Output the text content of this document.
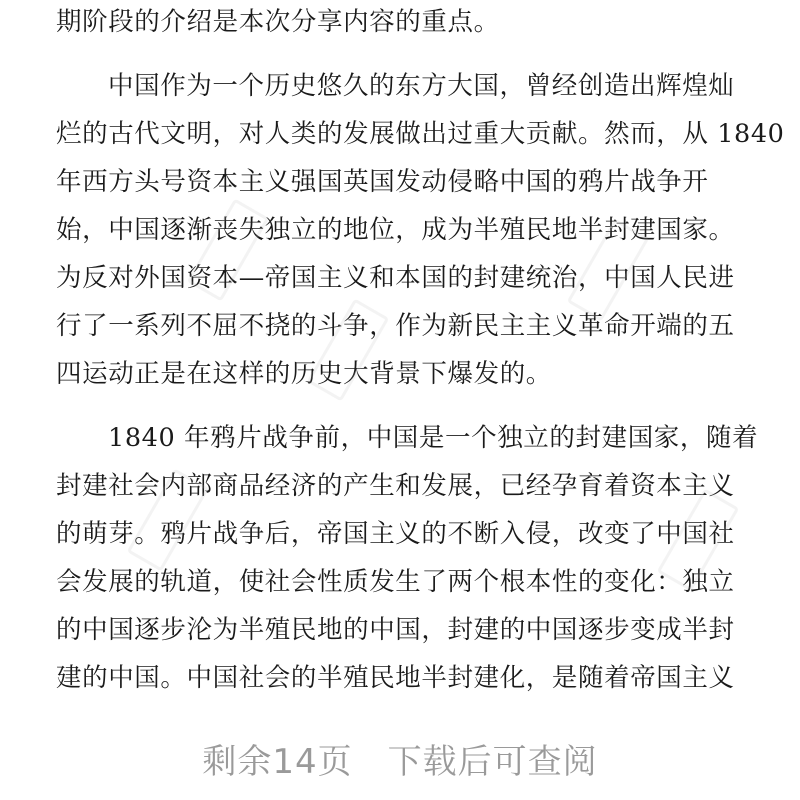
期阶段的介绍是本次分享内容的重点。
中国作为一个历史悠久的东方大国，曾经创造出辉煌灿
烂的古代文明，对人类的发展做出过重大贡献。然而，从 1840
年西方头号资本主义强国英国发动侵略中国的鸦片战争开
始，中国逐渐丧失独立的地位，成为半殖民地半封建国家。
为反对外国资本—帝国主义和本国的封建统治，中国人民进
行了一系列不屈不挠的斗争，作为新民主主义革命开端的五
四运动正是在这样的历史大背景下爆发的。
1840 年鸦片战争前，中国是一个独立的封建国家，随着
封建社会内部商品经济的产生和发展，已经孕育着资本主义
的萌芽。鸦片战争后，帝国主义的不断入侵，改变了中国社
会发展的轨道，使社会性质发生了两个根本性的变化：独立
的中国逐步沦为半殖民地的中国，封建的中国逐步变成半封
建的中国。中国社会的半殖民地半封建化，是随着帝国主义
剩余14页　下载后可查阅
